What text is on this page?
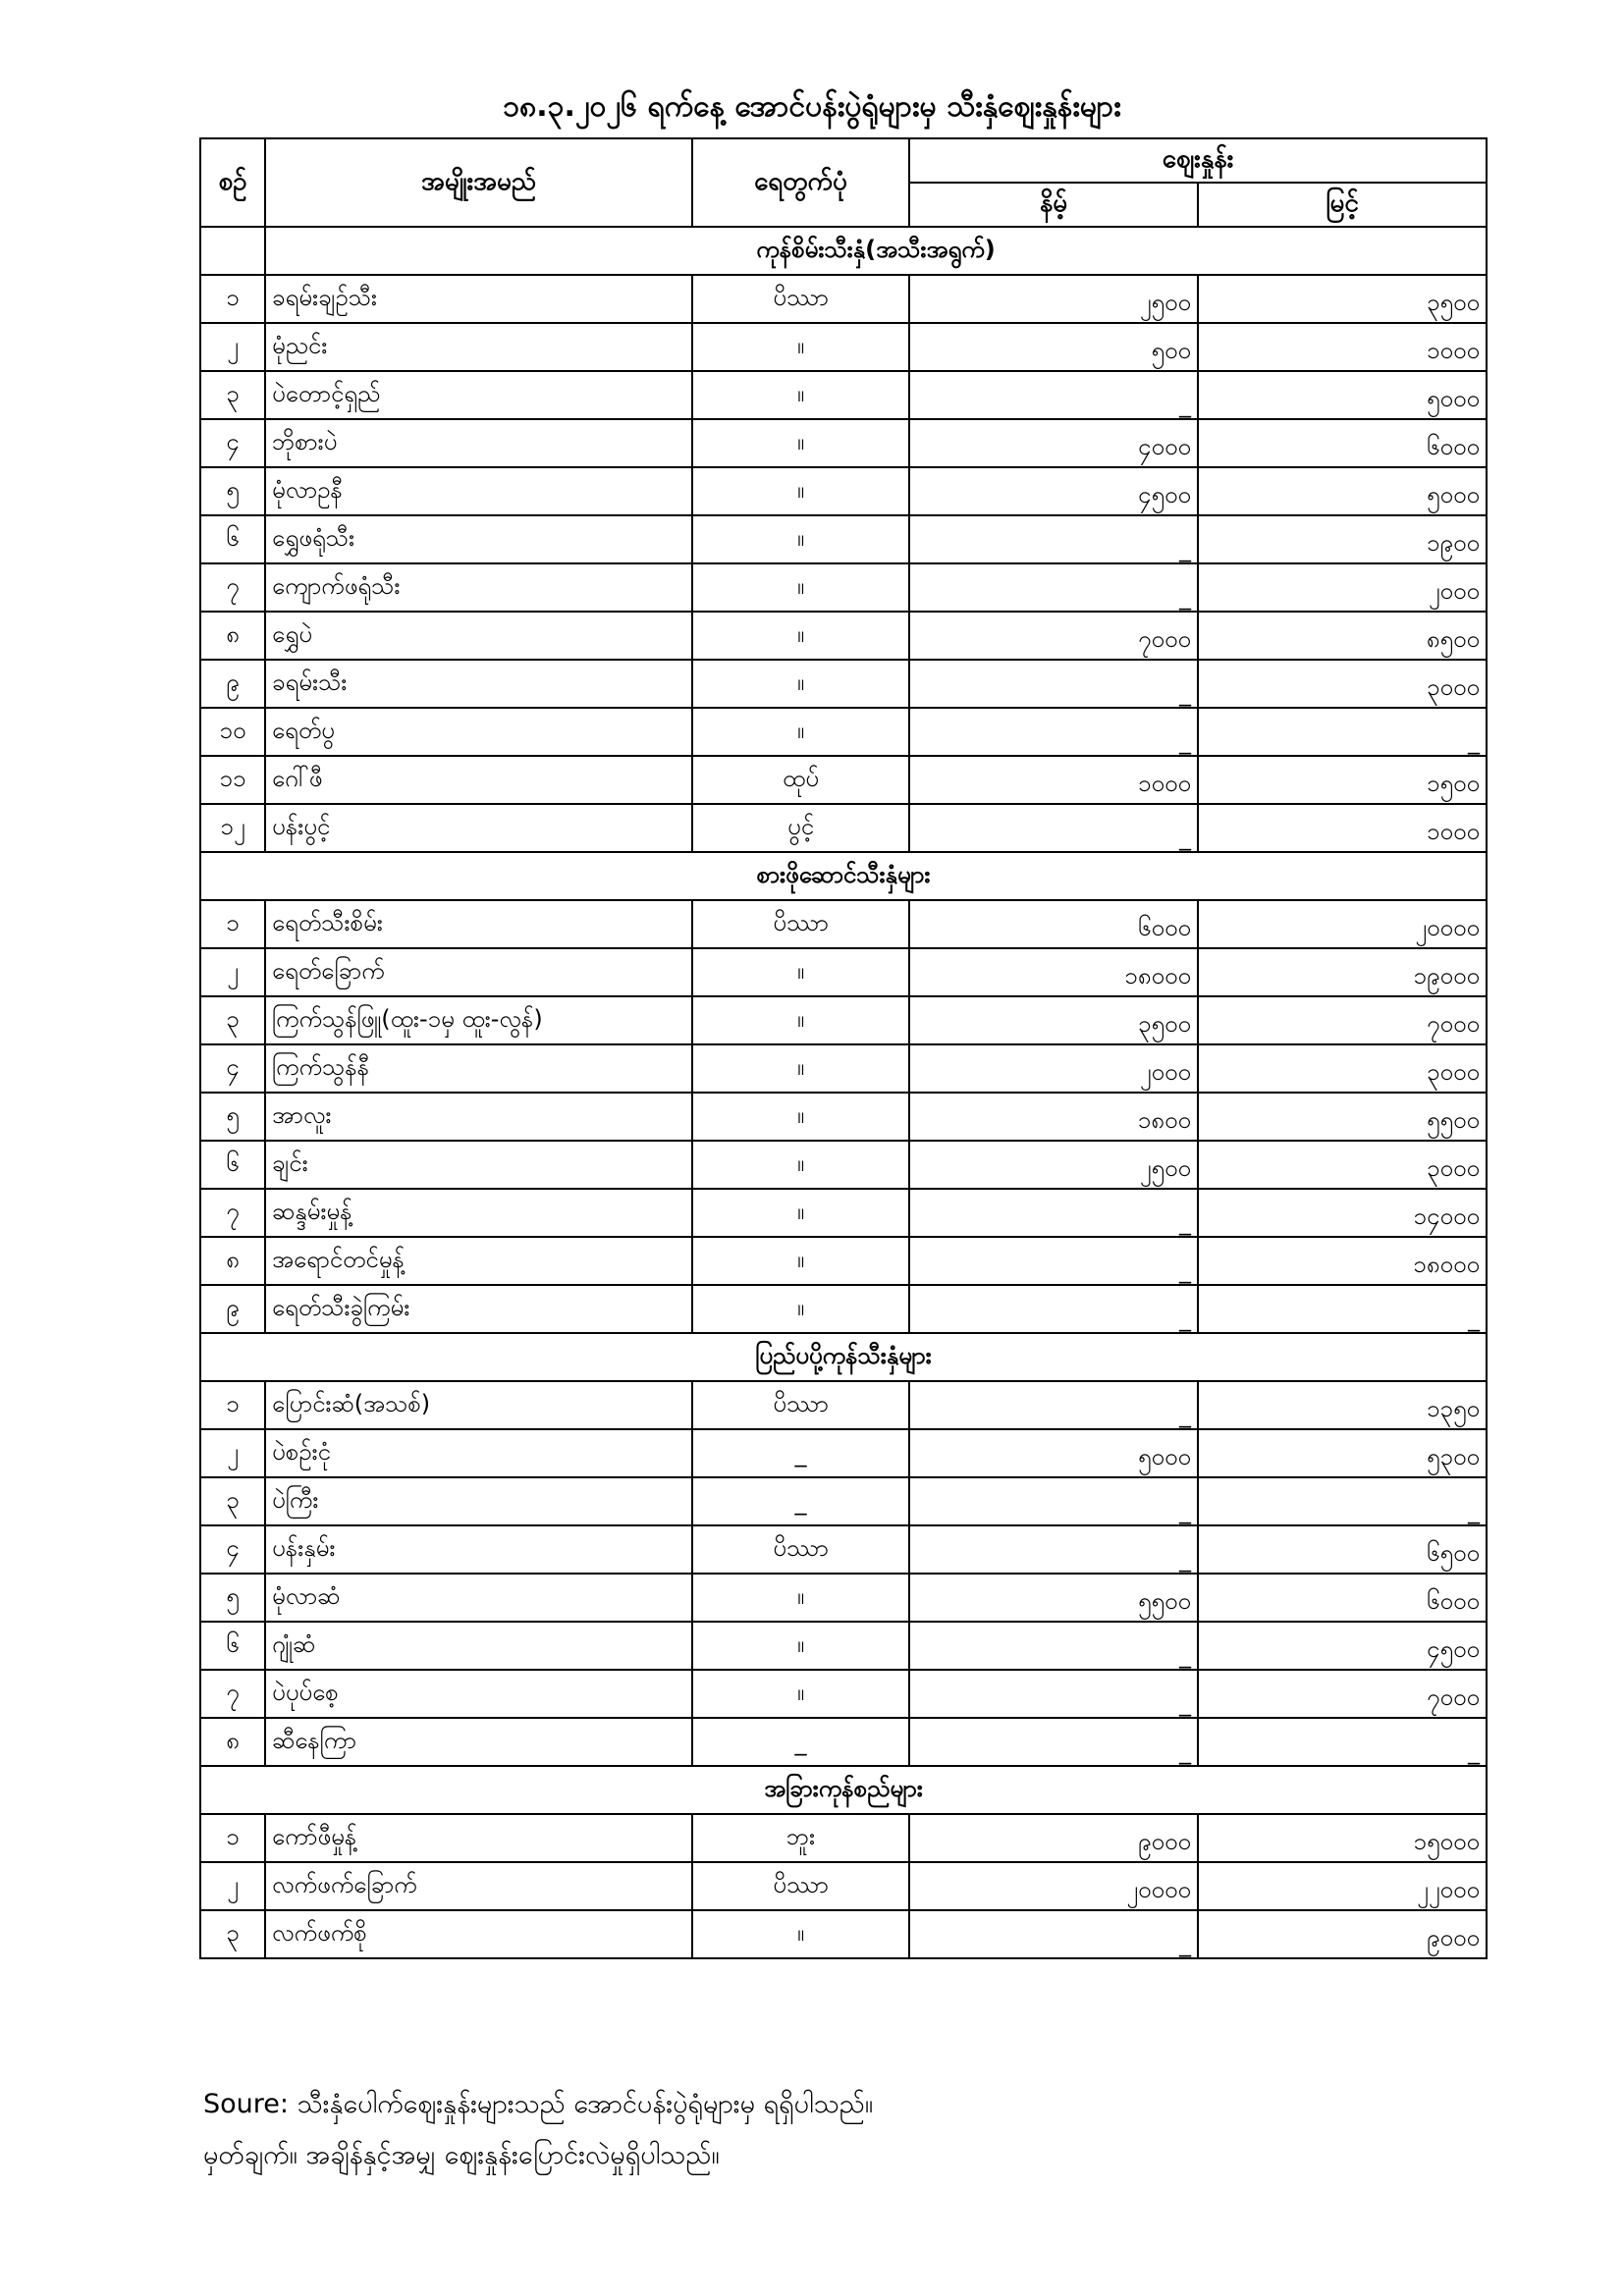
၁၈.၃.၂၀၂၆ ရက်နေ့ အောင်ပန်းပွဲရုံများမှ သီးနှံဈေးနှုန်းများ
စဉ်	အမျိုးအမည်	ရေတွက်ပုံ	ဈေးနှုန်း	
			နိမ့်	မြင့်
	ကုန်စိမ်းသီးနှံ(အသီးအရွက်)			
၁	ခရမ်းချဉ်သီး	ပိဿာ	၂၅၀၀	၃၅၀၀
၂	မုံညင်း	။	၅၀၀	၁၀၀၀
၃	ပဲတောင့်ရှည်	။	_	၅၀၀၀
၄	ဘိုစားပဲ	။	၄၀၀၀	၆၀၀၀
၅	မုံလာဥနီ	။	၄၅၀၀	၅၀၀၀
၆	ရွှေဖရုံသီး	။	_	၁၉၀၀
၇	ကျောက်ဖရုံသီး	။	_	၂၀၀၀
၈	ရွှေပဲ	။	၇၀၀၀	၈၅၀၀
၉	ခရမ်းသီး	။	_	၃၀၀၀
၁၀	ရေတ်ပွ	။	_	_
၁၁	ဂေါ်ဖီ	ထုပ်	၁၀၀၀	၁၅၀၀
၁၂	ပန်းပွင့်	ပွင့်	_	၁၀၀၀
စားဖိုဆောင်သီးနှံများ				
၁	ရေတ်သီးစိမ်း	ပိဿာ	၆၀၀၀	၂၀၀၀၀
၂	ရေတ်ခြောက်	။	၁၈၀၀၀	၁၉၀၀၀
၃	ကြက်သွန်ဖြူ(ထူး-၁မှ ထူး-လွန်)	။	၃၅၀၀	၇၀၀၀
၄	ကြက်သွန်နီ	။	၂၀၀၀	၃၀၀၀
၅	အာလူး	။	၁၈၀၀	၅၅၀၀
၆	ချင်း	။	၂၅၀၀	၃၀၀၀
၇	ဆန္ဒမ်းမှုန့်	။	_	၁၄၀၀၀
၈	အရောင်တင်မှုန့်	။	_	၁၈၀၀၀
၉	ရေတ်သီးခွဲကြမ်း	။	_	_
ပြည်ပပို့ကုန်သီးနှံများ				
၁	ပြောင်းဆံ(အသစ်)	ပိဿာ	_	၁၃၅၀
၂	ပဲစဉ်းငုံ	_	၅၀၀၀	၅၃၀၀
၃	ပဲကြီး	_	_	_
၄	ပန်းနှမ်း	ပိဿာ	_	၆၅၀၀
၅	မုံလာဆံ	။	၅၅၀၀	၆၀၀၀
၆	ဂျုံဆံ	။	_	၄၅၀၀
၇	ပဲပုပ်စေ့	။	_	၇၀၀၀
၈	ဆီနေကြာ	_	_	_
အခြားကုန်စည်များ				
၁	ကော်ဖီမှုန့်	ဘူး	၉၀၀၀	၁၅၀၀၀
၂	လက်ဖက်ခြောက်	ပိဿာ	၂၀၀၀၀	၂၂၀၀၀
၃	လက်ဖက်စို	။	_	၉၀၀၀
Soure: သီးနှံပေါက်ဈေးနှုန်းများသည် အောင်ပန်းပွဲရုံများမှ ရရှိပါသည်။
မှတ်ချက်။ အချိန်နှင့်အမျှ ဈေးနှုန်းပြောင်းလဲမှုရှိပါသည်။
